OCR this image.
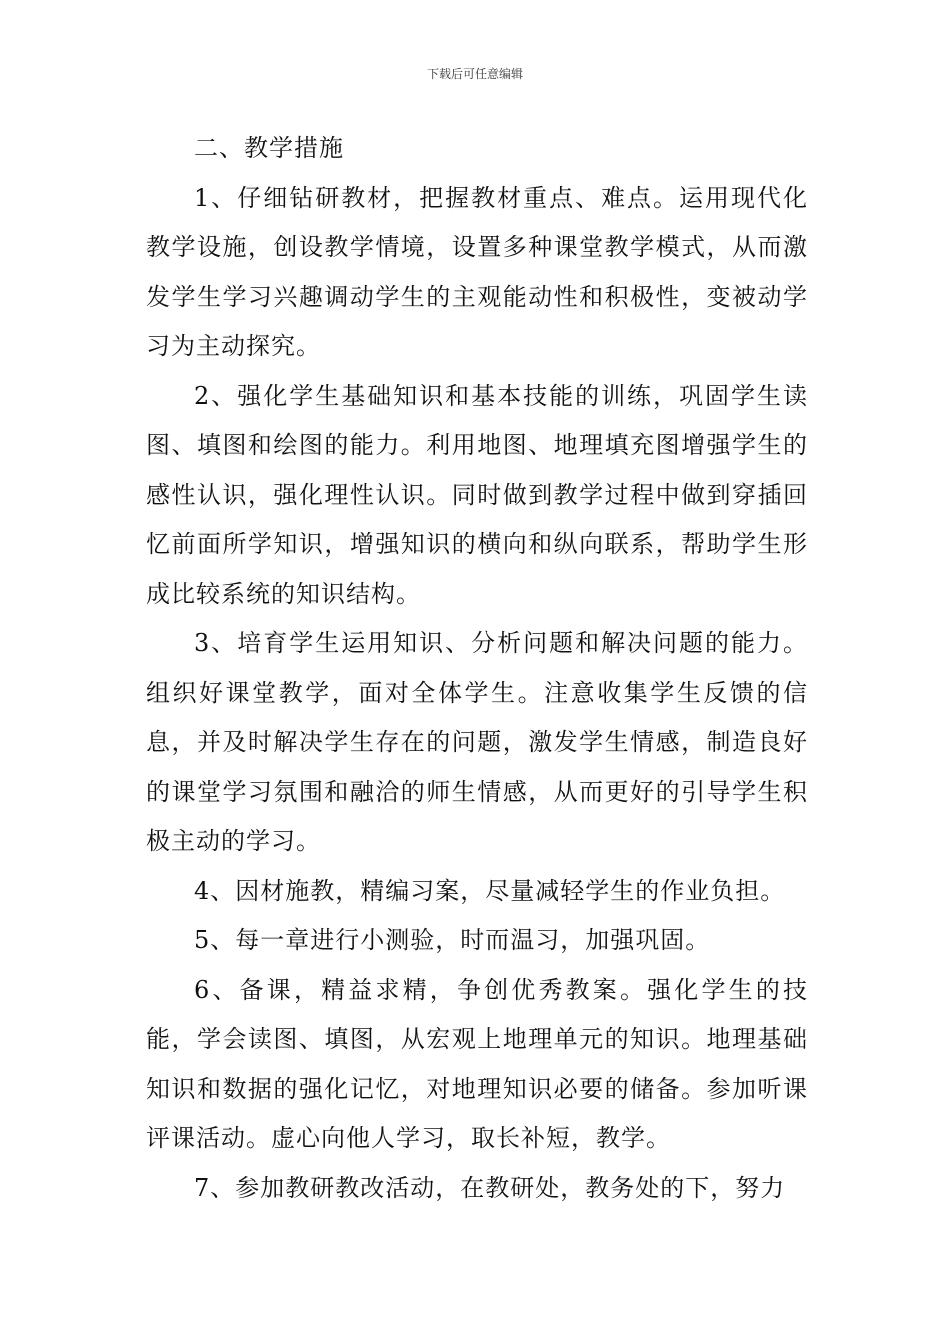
下载后可任意编辑

二、教学措施

1、仔细钻研教材，把握教材重点、难点。运用现代化教学设施，创设教学情境，设置多种课堂教学模式，从而激发学生学习兴趣调动学生的主观能动性和积极性，变被动学习为主动探究。

2、强化学生基础知识和基本技能的训练，巩固学生读图、填图和绘图的能力。利用地图、地理填充图增强学生的感性认识，强化理性认识。同时做到教学过程中做到穿插回忆前面所学知识，增强知识的横向和纵向联系，帮助学生形成比较系统的知识结构。

3、培育学生运用知识、分析问题和解决问题的能力。组织好课堂教学，面对全体学生。注意收集学生反馈的信息，并及时解决学生存在的问题，激发学生情感，制造良好的课堂学习氛围和融洽的师生情感，从而更好的引导学生积极主动的学习。

4、因材施教，精编习案，尽量减轻学生的作业负担。

5、每一章进行小测验，时而温习，加强巩固。

6、备课，精益求精，争创优秀教案。强化学生的技能，学会读图、填图，从宏观上地理单元的知识。地理基础知识和数据的强化记忆，对地理知识必要的储备。参加听课评课活动。虚心向他人学习，取长补短，教学。

7、参加教研教改活动，在教研处，教务处的下，努力
